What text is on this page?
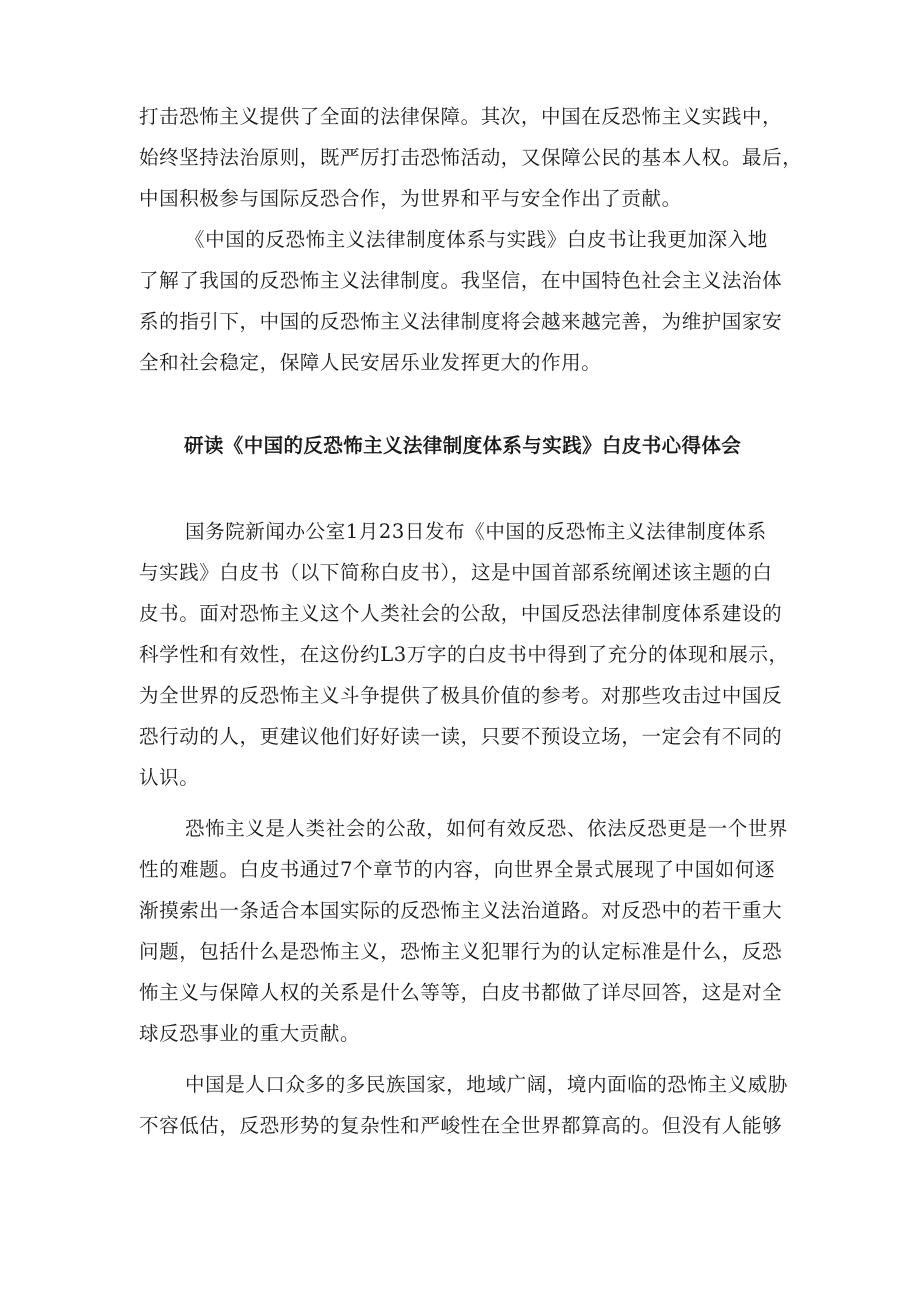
打击恐怖主义提供了全面的法律保障。其次，中国在反恐怖主义实践中，
始终坚持法治原则，既严厉打击恐怖活动，又保障公民的基本人权。最后，
中国积极参与国际反恐合作，为世界和平与安全作出了贡献。
《中国的反恐怖主义法律制度体系与实践》白皮书让我更加深入地
了解了我国的反恐怖主义法律制度。我坚信，在中国特色社会主义法治体
系的指引下，中国的反恐怖主义法律制度将会越来越完善，为维护国家安
全和社会稳定，保障人民安居乐业发挥更大的作用。
研读《中国的反恐怖主义法律制度体系与实践》白皮书心得体会
国务院新闻办公室1月23日发布《中国的反恐怖主义法律制度体系
与实践》白皮书（以下简称白皮书），这是中国首部系统阐述该主题的白
皮书。面对恐怖主义这个人类社会的公敌，中国反恐法律制度体系建设的
科学性和有效性，在这份约L3万字的白皮书中得到了充分的体现和展示，
为全世界的反恐怖主义斗争提供了极具价值的参考。对那些攻击过中国反
恐行动的人，更建议他们好好读一读，只要不预设立场，一定会有不同的
认识。
恐怖主义是人类社会的公敌，如何有效反恐、依法反恐更是一个世界
性的难题。白皮书通过7个章节的内容，向世界全景式展现了中国如何逐
渐摸索出一条适合本国实际的反恐怖主义法治道路。对反恐中的若干重大
问题，包括什么是恐怖主义，恐怖主义犯罪行为的认定标准是什么，反恐
怖主义与保障人权的关系是什么等等，白皮书都做了详尽回答，这是对全
球反恐事业的重大贡献。
中国是人口众多的多民族国家，地域广阔，境内面临的恐怖主义威胁
不容低估，反恐形势的复杂性和严峻性在全世界都算高的。但没有人能够
